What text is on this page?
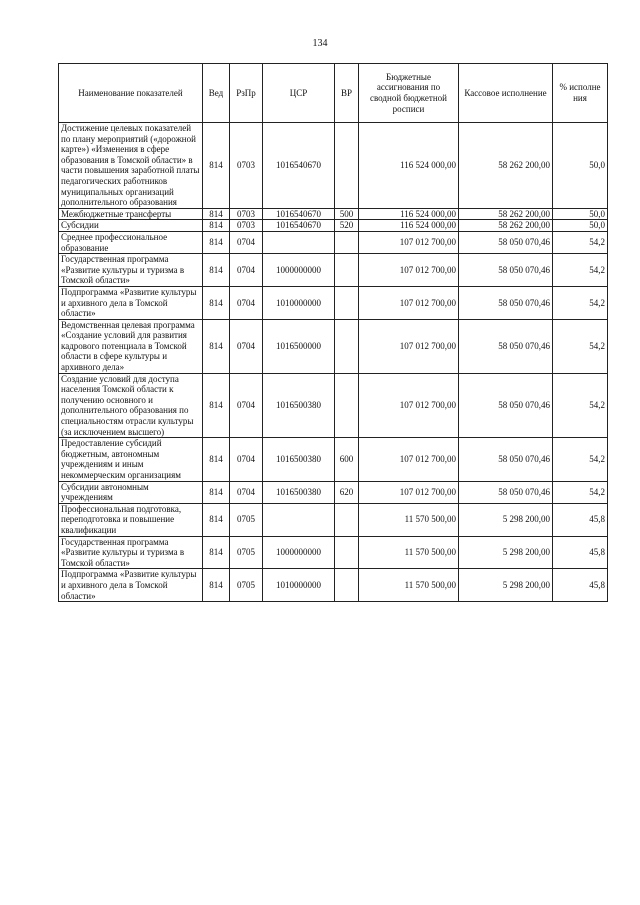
134
Наименование показателей	Вед	РзПр	ЦСР	ВР	Бюджетные ассигнования по сводной бюджетной росписи	Кассовое исполнение	% исполне ния
Достижение целевых показателей по плану мероприятий («дорожной карте») «Изменения в сфере образования в Томской области» в части повышения заработной платы педагогических работников муниципальных организаций дополнительного образования	814	0703	1016540670		116 524 000,00	58 262 200,00	50,0
Межбюджетные трансферты	814	0703	1016540670	500	116 524 000,00	58 262 200,00	50,0
Субсидии	814	0703	1016540670	520	116 524 000,00	58 262 200,00	50,0
Среднее профессиональное образование	814	0704			107 012 700,00	58 050 070,46	54,2
Государственная программа «Развитие культуры и туризма в Томской области»	814	0704	1000000000		107 012 700,00	58 050 070,46	54,2
Подпрограмма «Развитие культуры и архивного дела в Томской области»	814	0704	1010000000		107 012 700,00	58 050 070,46	54,2
Ведомственная целевая программа «Создание условий для развития кадрового потенциала в Томской области в сфере культуры и архивного дела»	814	0704	1016500000		107 012 700,00	58 050 070,46	54,2
Создание условий для доступа населения Томской области к получению основного и дополнительного образования по специальностям отрасли культуры (за исключением высшего)	814	0704	1016500380		107 012 700,00	58 050 070,46	54,2
Предоставление субсидий бюджетным, автономным учреждениям и иным некоммерческим организациям	814	0704	1016500380	600	107 012 700,00	58 050 070,46	54,2
Субсидии автономным учреждениям	814	0704	1016500380	620	107 012 700,00	58 050 070,46	54,2
Профессиональная подготовка, переподготовка и повышение квалификации	814	0705			11 570 500,00	5 298 200,00	45,8
Государственная программа «Развитие культуры и туризма в Томской области»	814	0705	1000000000		11 570 500,00	5 298 200,00	45,8
Подпрограмма «Развитие культуры и архивного дела в Томской области»	814	0705	1010000000		11 570 500,00	5 298 200,00	45,8
